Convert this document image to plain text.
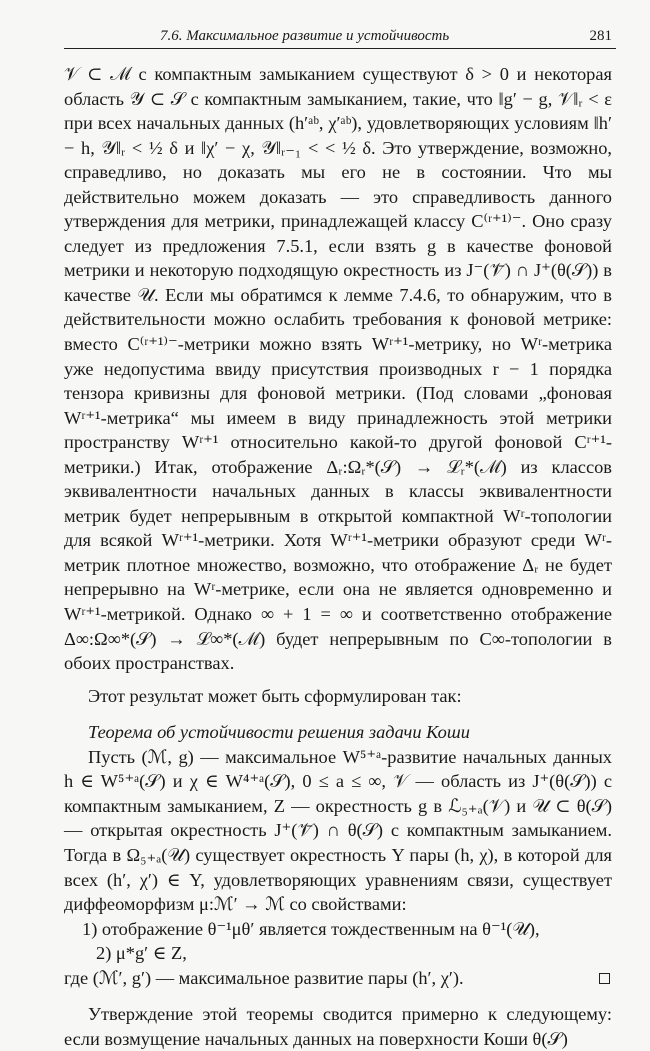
7.6. Максимальное развитие и устойчивость	281

𝒱 ⊂ ℳ с компактным замыканием существуют δ > 0 и некоторая область 𝒴 ⊂ 𝒮 с компактным замыканием, такие, что ‖g′ − g, 𝒱‖ᵣ < ε при всех начальных данных (h′ᵃᵇ, χ′ᵃᵇ), удовлетворяющих условиям ‖h′ − h, 𝒴‖ᵣ < ½ δ и ‖χ′ − χ, 𝒴‖ᵣ₋₁ < < ½ δ. Это утверждение, возможно, справедливо, но доказать мы его не в состоянии. Что мы действительно можем доказать — это справедливость данного утверждения для метрики, принадлежащей классу C⁽ʳ⁺¹⁾⁻. Оно сразу следует из предложения 7.5.1, если взять g в качестве фоновой метрики и некоторую подходящую окрестность из J⁻(𝒱̄) ∩ J⁺(θ(𝒮)) в качестве 𝒰. Если мы обратимся к лемме 7.4.6, то обнаружим, что в действительности можно ослабить требования к фоновой метрике: вместо C⁽ʳ⁺¹⁾⁻-метрики можно взять Wʳ⁺¹-метрику, но Wʳ-метрика уже недопустима ввиду присутствия производных r − 1 порядка тензора кривизны для фоновой метрики. (Под словами „фоновая Wʳ⁺¹-метрика“ мы имеем в виду принадлежность этой метрики пространству Wʳ⁺¹ относительно какой-то другой фоновой Cʳ⁺¹-метрики.) Итак, отображение Δᵣ:Ωᵣ*(𝒮) → ℒᵣ*(ℳ) из классов эквивалентности начальных данных в классы эквивалентности метрик будет непрерывным в открытой компактной Wʳ-топологии для всякой Wʳ⁺¹-метрики. Хотя Wʳ⁺¹-метрики образуют среди Wʳ-метрик плотное множество, возможно, что отображение Δᵣ не будет непрерывно на Wʳ-метрике, если она не является одновременно и Wʳ⁺¹-метрикой. Однако ∞ + 1 = ∞ и соответственно отображение Δ∞:Ω∞*(𝒮) → ℒ∞*(ℳ) будет непрерывным по C∞-топологии в обоих пространствах.

Этот результат может быть сформулирован так:

Теорема об устойчивости решения задачи Коши

Пусть (ℳ, g) — максимальное W⁵⁺ᵃ-развитие начальных данных h ∈ W⁵⁺ᵃ(𝒮) и χ ∈ W⁴⁺ᵃ(𝒮), 0 ≤ a ≤ ∞, 𝒱 — область из J⁺(θ(𝒮)) с компактным замыканием, Z — окрестность g в ℒ₅₊ₐ(𝒱) и 𝒰 ⊂ θ(𝒮) — открытая окрестность J⁺(𝒱̄) ∩ θ(𝒮) с компактным замыканием. Тогда в Ω₅₊ₐ(𝒰) существует окрестность Y пары (h, χ), в которой для всех (h′, χ′) ∈ Y, удовлетворяющих уравнениям связи, существует диффеоморфизм μ:ℳ′ → ℳ со свойствами:

1) отображение θ⁻¹μθ′ является тождественным на θ⁻¹(𝒰),

2) μ*g′ ∈ Z,

где (ℳ′, g′) — максимальное развитие пары (h′, χ′).

Утверждение этой теоремы сводится примерно к следующему: если возмущение начальных данных на поверхности Коши θ(𝒮)
